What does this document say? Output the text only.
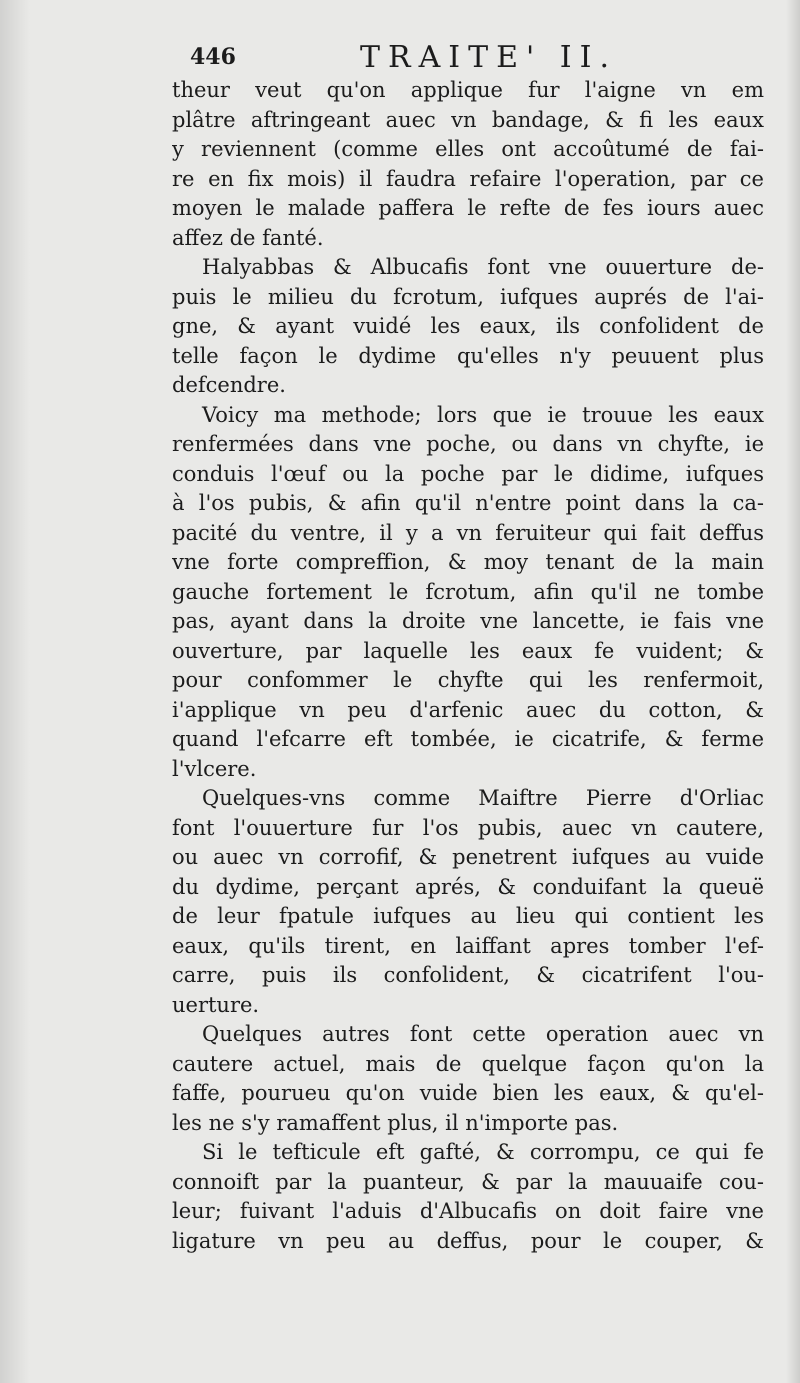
446	TRAITE' II.
theur veut qu'on applique fur l'aigne vn em
plâtre aftringeant auec vn bandage, & fi les eaux
y reviennent (comme elles ont accoûtumé de fai-
re en fix mois) il faudra refaire l'operation, par ce
moyen le malade paffera le refte de fes iours auec
affez de fanté.
Halyabbas & Albucafis font vne ouuerture de-
puis le milieu du fcrotum, iufques auprés de l'ai-
gne, & ayant vuidé les eaux, ils confolident de
telle façon le dydime qu'elles n'y peuuent plus
defcendre.
Voicy ma methode; lors que ie trouue les eaux
renfermées dans vne poche, ou dans vn chyfte, ie
conduis l'œuf ou la poche par le didime, iufques
à l'os pubis, & afin qu'il n'entre point dans la ca-
pacité du ventre, il y a vn feruiteur qui fait deffus
vne forte compreffion, & moy tenant de la main
gauche fortement le fcrotum, afin qu'il ne tombe
pas, ayant dans la droite vne lancette, ie fais vne
ouverture, par laquelle les eaux fe vuident; &
pour confommer le chyfte qui les renfermoit,
i'applique vn peu d'arfenic auec du cotton, &
quand l'efcarre eft tombée, ie cicatrife, & ferme
l'vlcere.
Quelques-vns comme Maiftre Pierre d'Orliac
font l'ouuerture fur l'os pubis, auec vn cautere,
ou auec vn corrofif, & penetrent iufques au vuide
du dydime, perçant aprés, & conduifant la queuë
de leur fpatule iufques au lieu qui contient les
eaux, qu'ils tirent, en laiffant apres tomber l'ef-
carre, puis ils confolident, & cicatrifent l'ou-
uerture.
Quelques autres font cette operation auec vn
cautere actuel, mais de quelque façon qu'on la
faffe, pourueu qu'on vuide bien les eaux, & qu'el-
les ne s'y ramaffent plus, il n'importe pas.
Si le tefticule eft gafté, & corrompu, ce qui fe
connoift par la puanteur, & par la mauuaife cou-
leur; fuivant l'aduis d'Albucafis on doit faire vne
ligature vn peu au deffus, pour le couper, &
